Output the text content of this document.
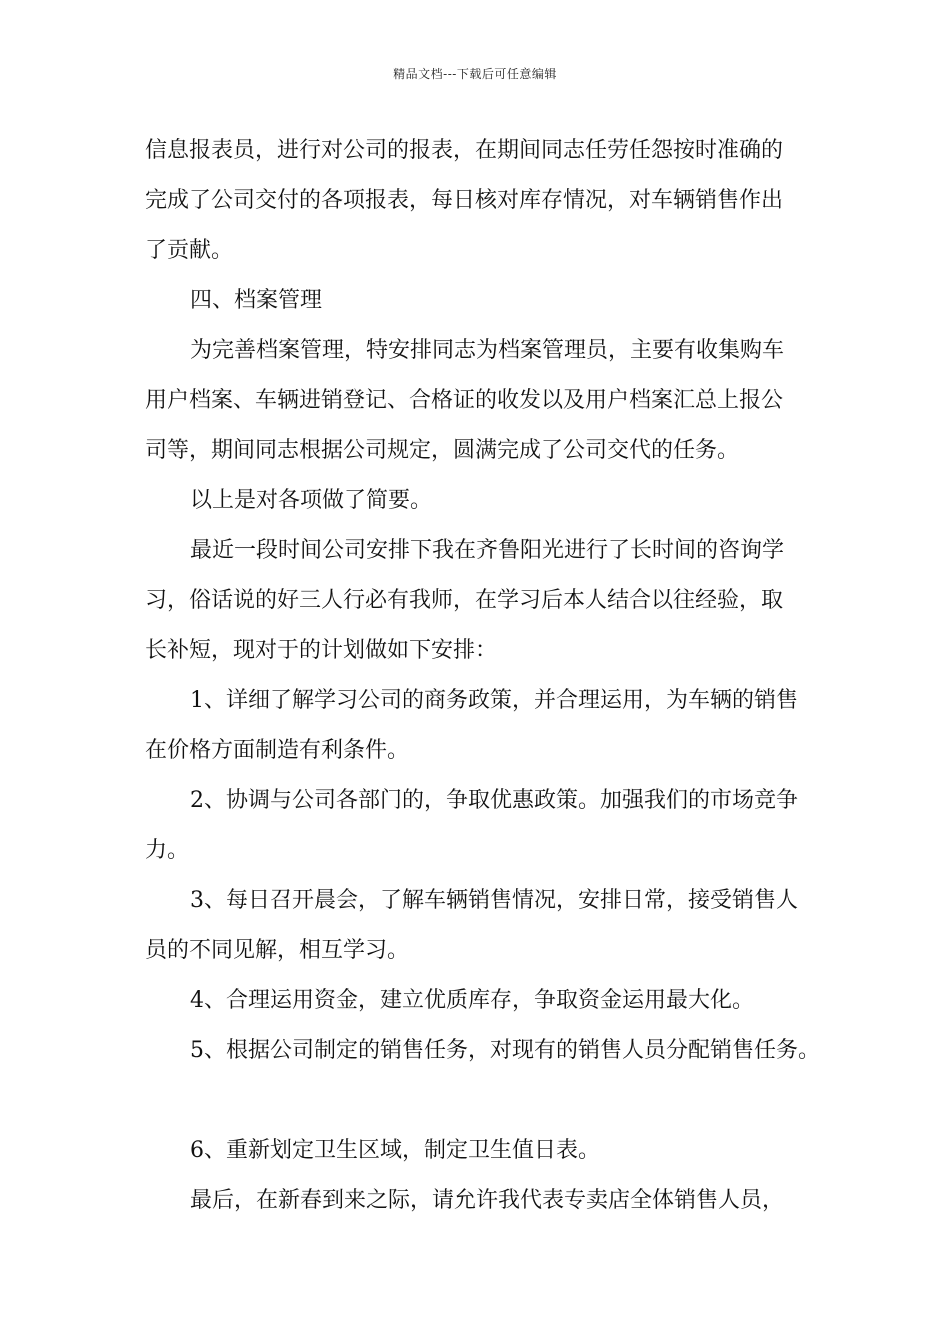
精品文档---下载后可任意编辑
信息报表员，进行对公司的报表，在期间同志任劳任怨按时准确的
完成了公司交付的各项报表，每日核对库存情况，对车辆销售作出
了贡献。
四、档案管理
为完善档案管理，特安排同志为档案管理员，主要有收集购车
用户档案、车辆进销登记、合格证的收发以及用户档案汇总上报公
司等，期间同志根据公司规定，圆满完成了公司交代的任务。
以上是对各项做了简要。
最近一段时间公司安排下我在齐鲁阳光进行了长时间的咨询学
习，俗话说的好三人行必有我师，在学习后本人结合以往经验，取
长补短，现对于的计划做如下安排：
1、详细了解学习公司的商务政策，并合理运用，为车辆的销售
在价格方面制造有利条件。
2、协调与公司各部门的，争取优惠政策。加强我们的市场竞争
力。
3、每日召开晨会，了解车辆销售情况，安排日常，接受销售人
员的不同见解，相互学习。
4、合理运用资金，建立优质库存，争取资金运用最大化。
5、根据公司制定的销售任务，对现有的销售人员分配销售任务。
6、重新划定卫生区域，制定卫生值日表。
最后，在新春到来之际，请允许我代表专卖店全体销售人员，
